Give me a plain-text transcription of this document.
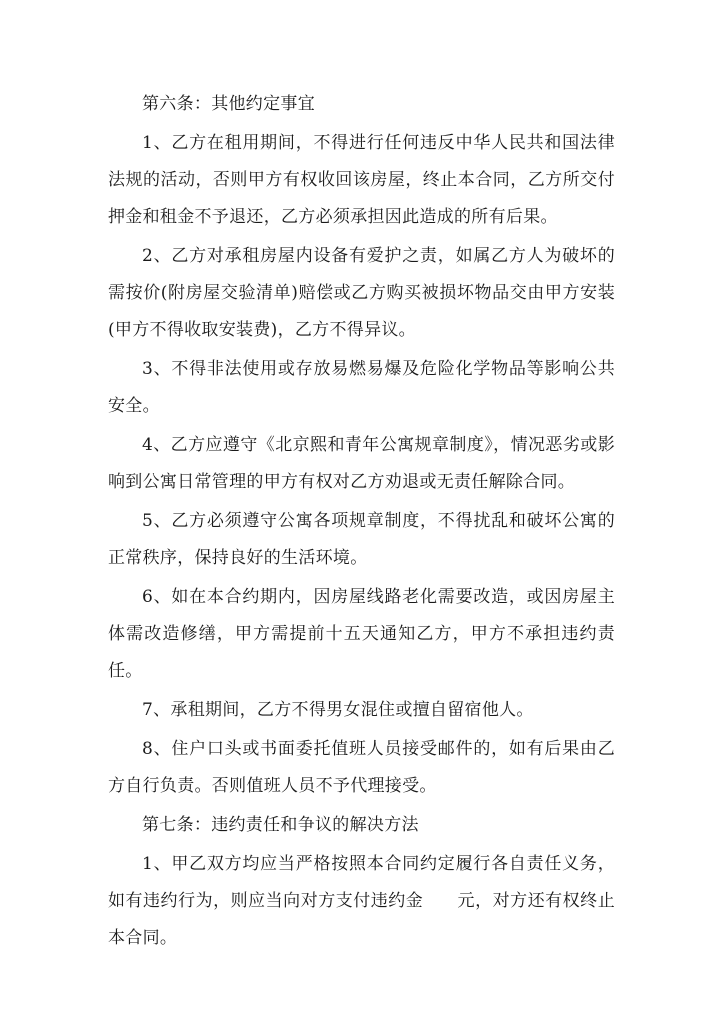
第六条：其他约定事宜

1、乙方在租用期间，不得进行任何违反中华人民共和国法律法规的活动，否则甲方有权收回该房屋，终止本合同，乙方所交付押金和租金不予退还，乙方必须承担因此造成的所有后果。

2、乙方对承租房屋内设备有爱护之责，如属乙方人为破坏的需按价(附房屋交验清单)赔偿或乙方购买被损坏物品交由甲方安装(甲方不得收取安装费)，乙方不得异议。

3、不得非法使用或存放易燃易爆及危险化学物品等影响公共安全。

4、乙方应遵守《北京熙和青年公寓规章制度》，情况恶劣或影响到公寓日常管理的甲方有权对乙方劝退或无责任解除合同。

5、乙方必须遵守公寓各项规章制度，不得扰乱和破坏公寓的正常秩序，保持良好的生活环境。

6、如在本合约期内，因房屋线路老化需要改造，或因房屋主体需改造修缮，甲方需提前十五天通知乙方，甲方不承担违约责任。

7、承租期间，乙方不得男女混住或擅自留宿他人。

8、住户口头或书面委托值班人员接受邮件的，如有后果由乙方自行负责。否则值班人员不予代理接受。

第七条：违约责任和争议的解决方法

1、甲乙双方均应当严格按照本合同约定履行各自责任义务，如有违约行为，则应当向对方支付违约金 元，对方还有权终止本合同。
